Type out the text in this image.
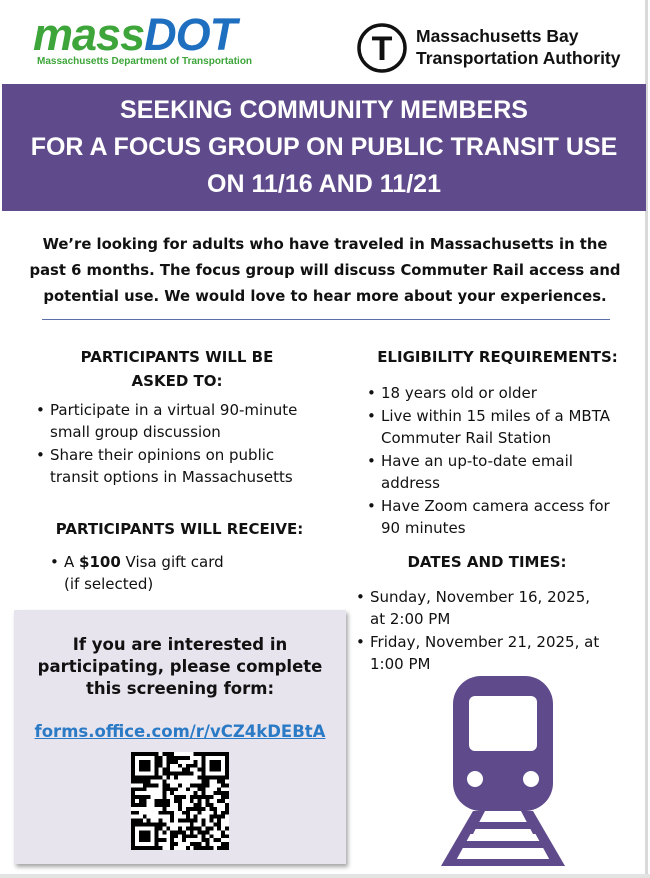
massDOT
Massachusetts Department of Transportation	T Massachusetts Bay
Transportation Authority
SEEKING COMMUNITY MEMBERS
FOR A FOCUS GROUP ON PUBLIC TRANSIT USE
ON 11/16 AND 11/21
We’re looking for adults who have traveled in Massachusetts in the
past 6 months. The focus group will discuss Commuter Rail access and
potential use. We would love to hear more about your experiences.
PARTICIPANTS WILL BE
ASKED TO:
• Participate in a virtual 90-minute
small group discussion
• Share their opinions on public
transit options in Massachusetts
PARTICIPANTS WILL RECEIVE:
• A $100 Visa gift card
(if selected)
ELIGIBILITY REQUIREMENTS:
• 18 years old or older
• Live within 15 miles of a MBTA
Commuter Rail Station
• Have an up-to-date email
address
• Have Zoom camera access for
90 minutes
DATES AND TIMES:
• Sunday, November 16, 2025,
at 2:00 PM
• Friday, November 21, 2025, at
1:00 PM
If you are interested in
participating, please complete
this screening form:
forms.office.com/r/vCZ4kDEBtA
